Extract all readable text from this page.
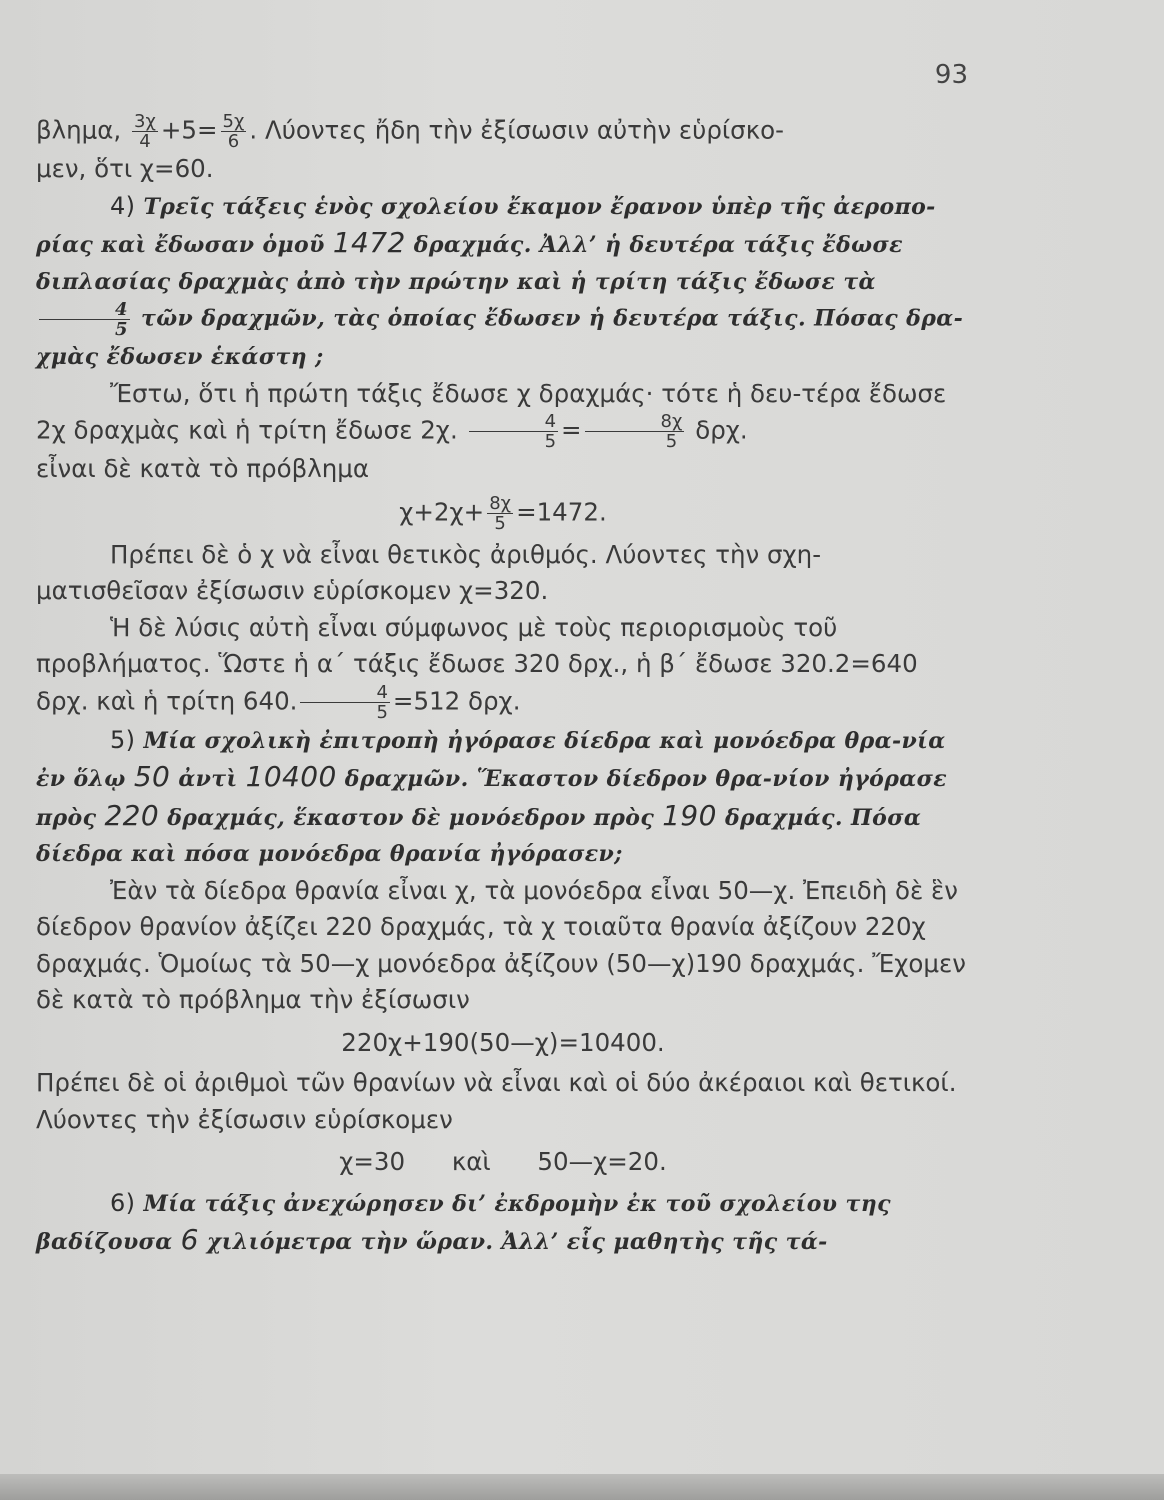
93

βλημα, $\frac{3\chi}{4} +5= \frac{5\chi}{6}$ . Λύοντες ἤδη τὴν ἐξίσωσιν αὐτὴν εὑρίσκο-
μεν, ὅτι χ=60.

4) Τρεῖς τάξεις ἑνὸς σχολείου ἔκαμον ἔρανον ὑπὲρ τῆς ἀεροπο-ρίας καὶ ἔδωσαν ὁμοῦ 1472 δραχμάς. Ἀλλ’ ἡ δευτέρα τάξις ἔδωσε διπλασίας δραχμὰς ἀπὸ τὴν πρώτην καὶ ἡ τρίτη τάξις ἔδωσε τὰ
$\frac{4}{5}$ τῶν δραχμῶν, τὰς ὁποίας ἔδωσεν ἡ δευτέρα τάξις. Πόσας δρα-χμὰς ἔδωσεν ἑκάστη ;

Ἔστω, ὅτι ἡ πρώτη τάξις ἔδωσε χ δραχμάς· τότε ἡ δευ-τέρα ἔδωσε 2χ δραχμὰς καὶ ἡ τρίτη ἔδωσε 2χ. $\frac{4}{5} = \frac{8\chi}{5} \delta\rho\chi$.
εἶναι δὲ κατὰ τὸ πρόβλημα

$\chi+2\chi+ \frac{8\chi}{5} =1472$.

Πρέπει δὲ ὁ χ νὰ εἶναι θετικὸς ἀριθμός. Λύοντες τὴν σχη-ματισθεῖσαν ἐξίσωσιν εὑρίσκομεν χ=320.

Ἡ δὲ λύσις αὐτὴ εἶναι σύμφωνος μὲ τοὺς περιορισμοὺς τοῦ προβλήματος. Ὥστε ἡ α΄ τάξις ἔδωσε 320 δρχ., ἡ β΄ ἔδωσε 320.2=640 δρχ. καὶ ἡ τρίτη 640. $\frac{4}{5} =512$ δρχ.

5) Μία σχολικὴ ἐπιτροπὴ ἠγόρασε δίεδρα καὶ μονόεδρα θρα-νία ἐν ὅλῳ 50 ἀντὶ 10400 δραχμῶν. Ἕκαστον δίεδρον θρα-νίον ἠγόρασε πρὸς 220 δραχμάς, ἕκαστον δὲ μονόεδρον πρὸς 190 δραχμάς. Πόσα δίεδρα καὶ πόσα μονόεδρα θρανία ἠγόρασεν;

Ἐὰν τὰ δίεδρα θρανία εἶναι χ, τὰ μονόεδρα εἶναι 50—χ. Ἐπειδὴ δὲ ἓν δίεδρον θρανίον ἀξίζει 220 δραχμάς, τὰ χ τοιαῦτα θρανία ἀξίζουν 220χ δραχμάς. Ὁμοίως τὰ 50—χ μονόεδρα ἀξίζουν (50—χ)190 δραχμάς. Ἔχομεν δὲ κατὰ τὸ πρόβλημα τὴν ἐξίσωσιν

220χ+190(50—χ)=10400.

Πρέπει δὲ οἱ ἀριθμοὶ τῶν θρανίων νὰ εἶναι καὶ οἱ δύο ἀκέραιοι καὶ θετικοί. Λύοντες τὴν ἐξίσωσιν εὑρίσκομεν

χ=30      καὶ      50—χ=20.

6) Μία τάξις ἀνεχώρησεν δι’ ἐκδρομὴν ἐκ τοῦ σχολείου της βαδίζουσα 6 χιλιόμετρα τὴν ὥραν. Ἀλλ’ εἷς μαθητὴς τῆς τά-
